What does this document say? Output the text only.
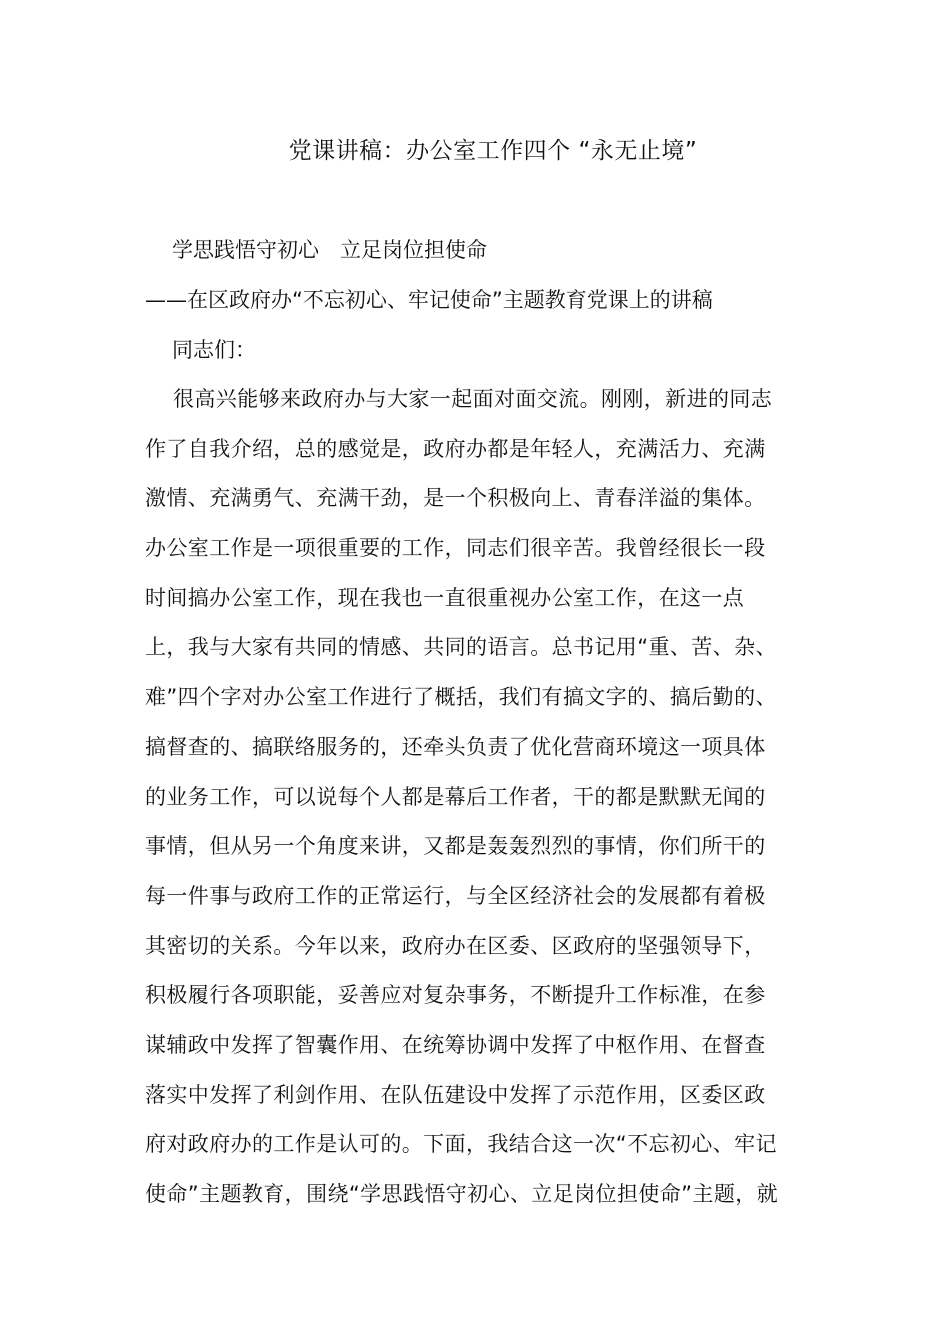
党课讲稿：办公室工作四个 “永无止境”
学思践悟守初心　立足岗位担使命
——在区政府办“不忘初心、牢记使命”主题教育党课上的讲稿
同志们：
很高兴能够来政府办与大家一起面对面交流。刚刚，新进的同志
作了自我介绍，总的感觉是，政府办都是年轻人，充满活力、充满
激情、充满勇气、充满干劲，是一个积极向上、青春洋溢的集体。
办公室工作是一项很重要的工作，同志们很辛苦。我曾经很长一段
时间搞办公室工作，现在我也一直很重视办公室工作，在这一点
上，我与大家有共同的情感、共同的语言。总书记用“重、苦、杂、
难”四个字对办公室工作进行了概括，我们有搞文字的、搞后勤的、
搞督查的、搞联络服务的，还牵头负责了优化营商环境这一项具体
的业务工作，可以说每个人都是幕后工作者，干的都是默默无闻的
事情，但从另一个角度来讲，又都是轰轰烈烈的事情，你们所干的
每一件事与政府工作的正常运行，与全区经济社会的发展都有着极
其密切的关系。今年以来，政府办在区委、区政府的坚强领导下，
积极履行各项职能，妥善应对复杂事务，不断提升工作标准，在参
谋辅政中发挥了智囊作用、在统筹协调中发挥了中枢作用、在督查
落实中发挥了利剑作用、在队伍建设中发挥了示范作用，区委区政
府对政府办的工作是认可的。下面，我结合这一次“不忘初心、牢记
使命”主题教育，围绕“学思践悟守初心、立足岗位担使命”主题，就
